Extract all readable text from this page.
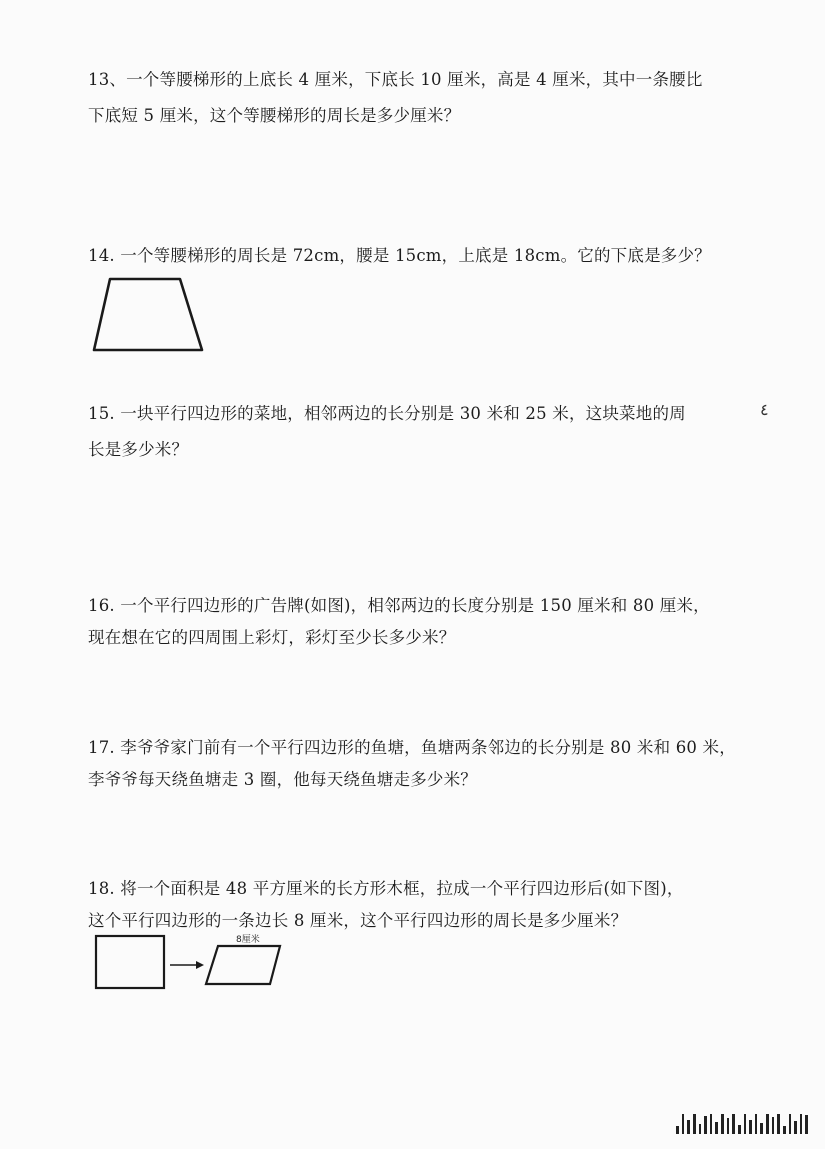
13、一个等腰梯形的上底长 4 厘米，下底长 10 厘米，高是 4 厘米，其中一条腰比
下底短 5 厘米，这个等腰梯形的周长是多少厘米？
14. 一个等腰梯形的周长是 72cm，腰是 15cm，上底是 18cm。它的下底是多少？
15. 一块平行四边形的菜地，相邻两边的长分别是 30 米和 25 米，这块菜地的周
长是多少米？
٤
16. 一个平行四边形的广告牌(如图)，相邻两边的长度分别是 150 厘米和 80 厘米，
现在想在它的四周围上彩灯，彩灯至少长多少米？
17. 李爷爷家门前有一个平行四边形的鱼塘，鱼塘两条邻边的长分别是 80 米和 60 米，
李爷爷每天绕鱼塘走 3 圈，他每天绕鱼塘走多少米？
18. 将一个面积是 48 平方厘米的长方形木框，拉成一个平行四边形后(如下图)，
这个平行四边形的一条边长 8 厘米，这个平行四边形的周长是多少厘米？
8厘米
